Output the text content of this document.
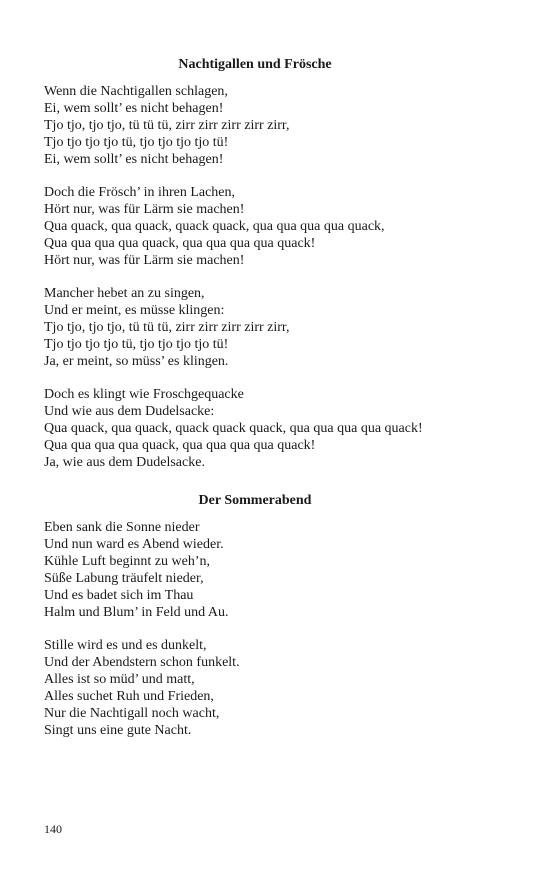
Nachtigallen und Frösche
Wenn die Nachtigallen schlagen,
Ei, wem sollt’ es nicht behagen!
Tjo tjo, tjo tjo, tü tü tü, zirr zirr zirr zirr zirr,
Tjo tjo tjo tjo tü, tjo tjo tjo tjo tü!
Ei, wem sollt’ es nicht behagen!
Doch die Frösch’ in ihren Lachen,
Hört nur, was für Lärm sie machen!
Qua quack, qua quack, quack quack, qua qua qua qua quack,
Qua qua qua qua quack, qua qua qua qua quack!
Hört nur, was für Lärm sie machen!
Mancher hebet an zu singen,
Und er meint, es müsse klingen:
Tjo tjo, tjo tjo, tü tü tü, zirr zirr zirr zirr zirr,
Tjo tjo tjo tjo tü, tjo tjo tjo tjo tü!
Ja, er meint, so müss’ es klingen.
Doch es klingt wie Froschgequacke
Und wie aus dem Dudelsacke:
Qua quack, qua quack, quack quack quack, qua qua qua qua quack!
Qua qua qua qua quack, qua qua qua qua quack!
Ja, wie aus dem Dudelsacke.
Der Sommerabend
Eben sank die Sonne nieder
Und nun ward es Abend wieder.
Kühle Luft beginnt zu weh’n,
Süße Labung träufelt nieder,
Und es badet sich im Thau
Halm und Blum’ in Feld und Au.
Stille wird es und es dunkelt,
Und der Abendstern schon funkelt.
Alles ist so müd’ und matt,
Alles suchet Ruh und Frieden,
Nur die Nachtigall noch wacht,
Singt uns eine gute Nacht.
140
